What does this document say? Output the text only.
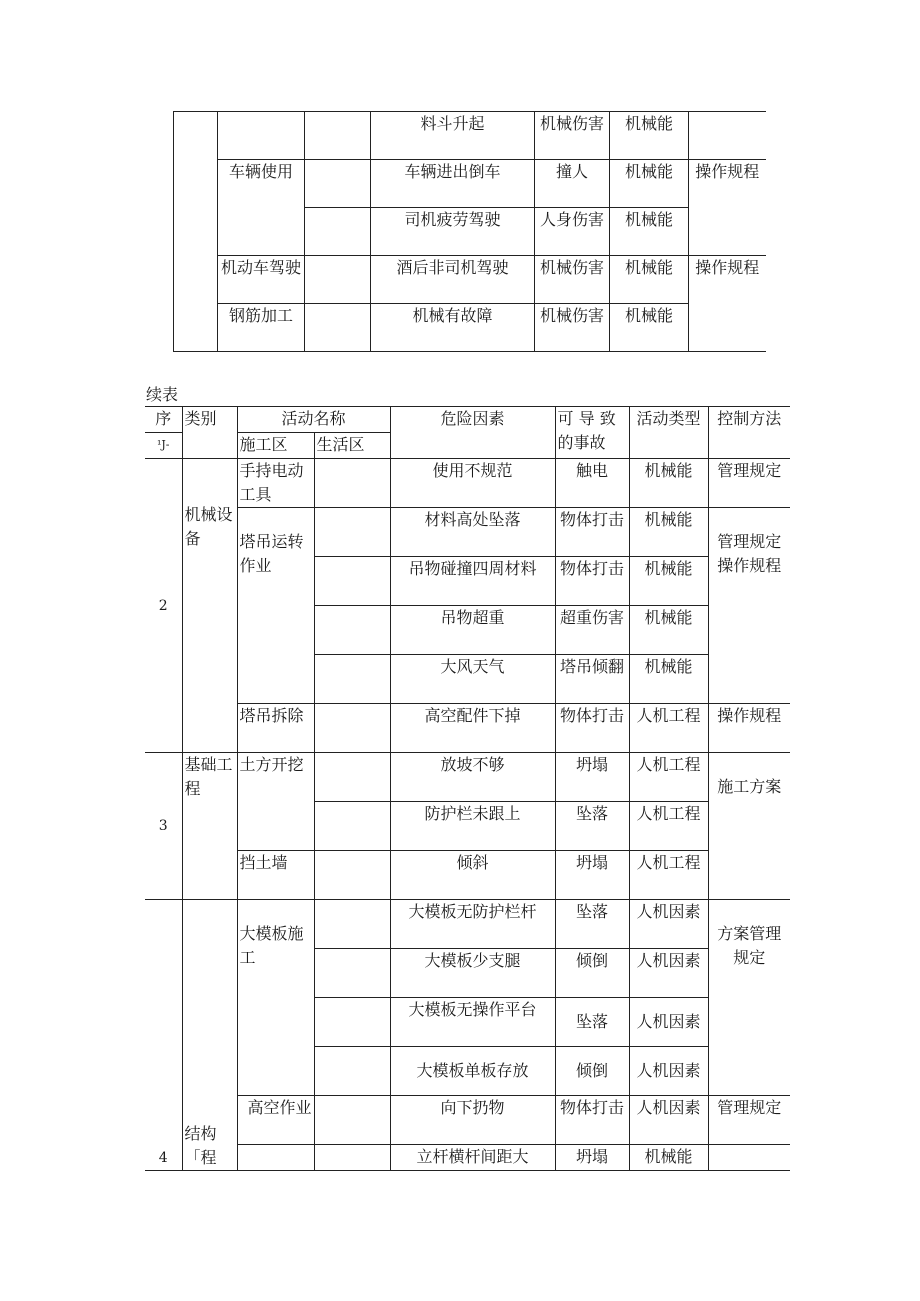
			料斗升起	机械伤害	机械能	
	车辆使用		车辆进出倒车	撞人	机械能	操作规程
			司机疲劳驾驶	人身伤害	机械能	
	机动车驾驶		酒后非司机驾驶	机械伤害	机械能	操作规程
	钢筋加工		机械有故障	机械伤害	机械能	
续表
序	类别	活动名称		危险因素	可 导 致的事故	活动类型	控制方法
¹J-		施工区	生活区				
2	机械设备	手持电动工具		使用不规范	触电	机械能	管理规定
		塔吊运转作业		材料高处坠落	物体打击	机械能	管理规定操作规程
				吊物碰撞四周材料	物体打击	机械能	
				吊物超重	超重伤害	机械能	
				大风天气	塔吊倾翻	机械能	
		塔吊拆除		高空配件下掉	物体打击	人机工程	操作规程
3	基础工程	土方开挖		放坡不够	坍塌	人机工程	施工方案
				防护栏未跟上	坠落	人机工程	
		挡土墙		倾斜	坍塌	人机工程	
4	结构「程	大模板施工		大模板无防护栏杆	坠落	人机因素	方案管理规定
				大模板少支腿	倾倒	人机因素	
				大模板无操作平台	坠落	人机因素	
				大模板单板存放	倾倒	人机因素	
		高空作业		向下扔物	物体打击	人机因素	管理规定
				立杆横杆间距大	坍塌	机械能	
